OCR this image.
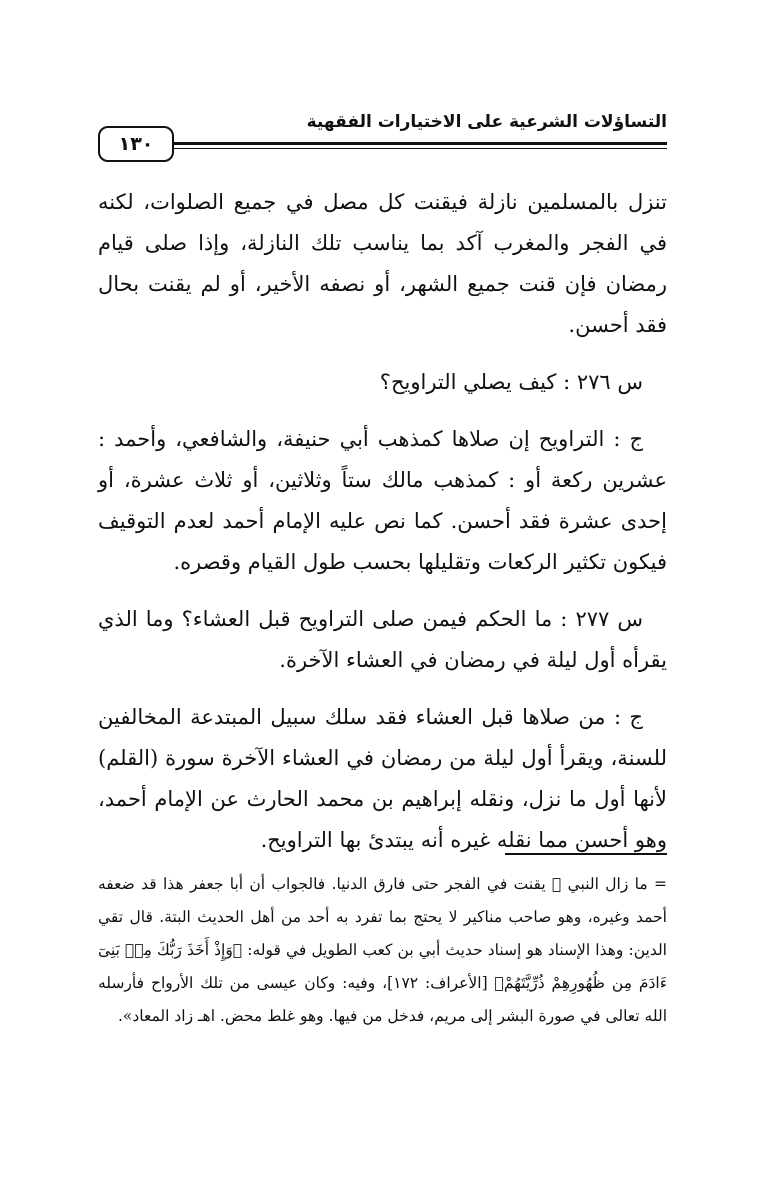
التساؤلات الشرعية على الاختيارات الفقهية
١٣٠

تنزل بالمسلمين نازلة فيقنت كل مصل في جميع الصلوات، لكنه في الفجر والمغرب آكد بما يناسب تلك النازلة، وإذا صلى قيام رمضان فإن قنت جميع الشهر، أو نصفه الأخير، أو لم يقنت بحال فقد أحسن.

س ٢٧٦ : كيف يصلي التراويح؟

ج : التراويح إن صلاها كمذهب أبي حنيفة، والشافعي، وأحمد : عشرين ركعة أو : كمذهب مالك ستاً وثلاثين، أو ثلاث عشرة، أو إحدى عشرة فقد أحسن. كما نص عليه الإمام أحمد لعدم التوقيف فيكون تكثير الركعات وتقليلها بحسب طول القيام وقصره.

س ٢٧٧ : ما الحكم فيمن صلى التراويح قبل العشاء؟ وما الذي يقرأه أول ليلة في رمضان في العشاء الآخرة.

ج : من صلاها قبل العشاء فقد سلك سبيل المبتدعة المخالفين للسنة، ويقرأ أول ليلة من رمضان في العشاء الآخرة سورة (القلم) لأنها أول ما نزل، ونقله إبراهيم بن محمد الحارث عن الإمام أحمد، وهو أحسن مما نقله غيره أنه يبتدئ بها التراويح.

= ما زال النبي ﷺ يقنت في الفجر حتى فارق الدنيا. فالجواب أن أبا جعفر هذا قد ضعفه أحمد وغيره، وهو صاحب مناكير لا يحتج بما تفرد به أحد من أهل الحديث البتة. قال تقي الدين: وهذا الإسناد هو إسناد حديث أبي بن كعب الطويل في قوله: ﴿وَإِذْ أَخَذَ رَبُّكَ مِنۢ بَنِىٓ ءَادَمَ مِن ظُهُورِهِمْ ذُرِّيَّتَهُمْ﴾ [الأعراف: ١٧٢]، وفيه: وكان عيسى من تلك الأرواح فأرسله الله تعالى في صورة البشر إلى مريم، فدخل من فيها. وهو غلط محض. اهـ زاد المعاد».
